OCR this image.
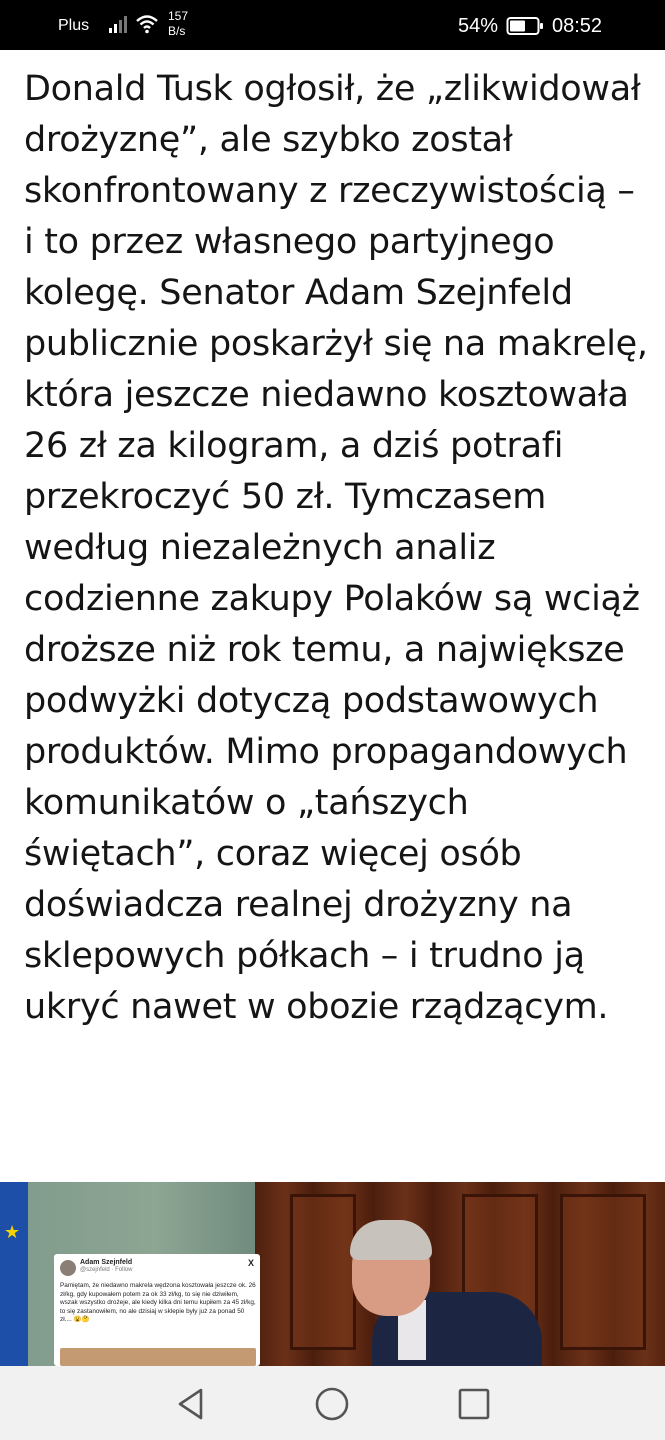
Plus
157
B/s	54%	08:52
Donald Tusk ogłosił, że „zlikwidował drożyznę”, ale szybko został skonfrontowany z rzeczywistością – i to przez własnego partyjnego kolegę. Senator Adam Szejnfeld publicznie poskarżył się na makrelę, która jeszcze niedawno kosztowała 26 zł za kilogram, a dziś potrafi przekroczyć 50 zł. Tymczasem według niezależnych analiz codzienne zakupy Polaków są wciąż droższe niż rok temu, a największe podwyżki dotyczą podstawowych produktów. Mimo propagandowych komunikatów o „tańszych świętach”, coraz więcej osób doświadcza realnej drożyzny na sklepowych półkach – i trudno ją ukryć nawet w obozie rządzącym.
★
Adam Szejnfeld
@szejnfeld · Follow
X
Pamiętam, że niedawno makrela wędzona kosztowała jeszcze ok. 26 zł/kg, gdy kupowałem potem za ok 33 zł/kg, to się nie dziwiłem, wszak wszystko drożeje, ale kiedy kilka dni temu kupiłem za 45 zł/kg, to się zastanowiłem, no ale dzisiaj w sklepie były już za ponad 50 zł.... 😮🤔
